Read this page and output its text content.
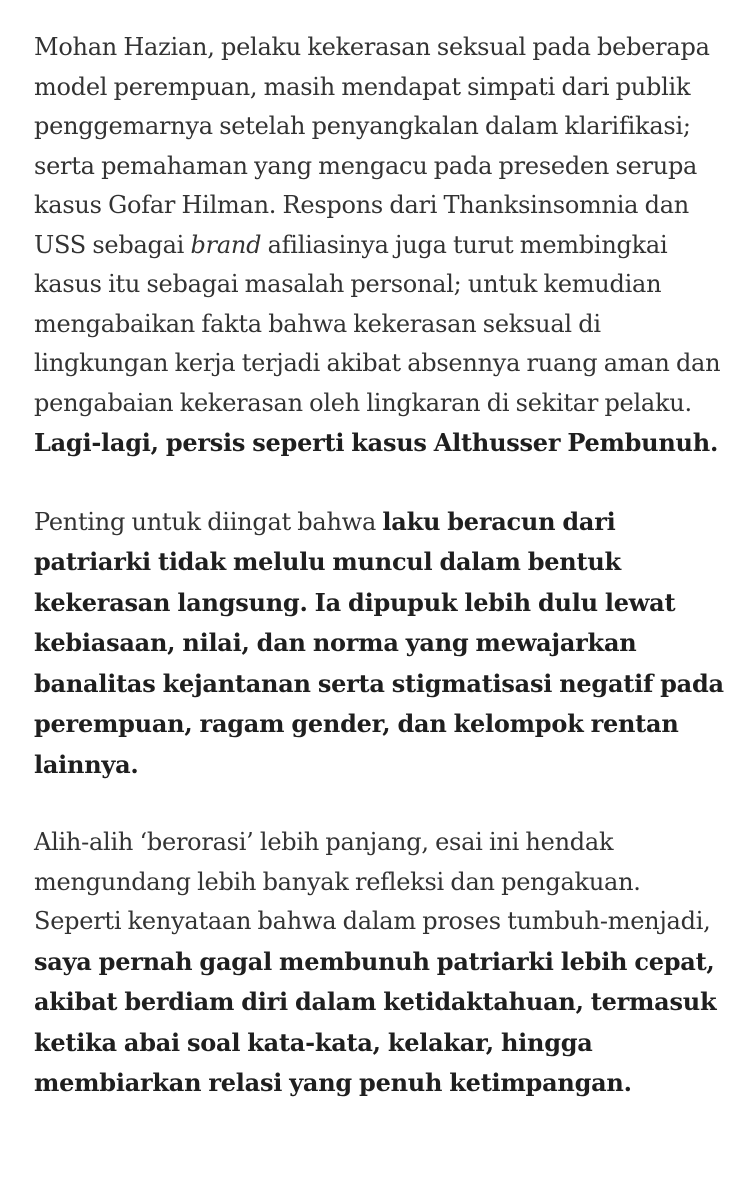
Mohan Hazian, pelaku kekerasan seksual pada beberapa model perempuan, masih mendapat simpati dari publik penggemarnya setelah penyangkalan dalam klarifikasi; serta pemahaman yang mengacu pada preseden serupa kasus Gofar Hilman. Respons dari Thanksinsomnia dan USS sebagai brand afiliasinya juga turut membingkai kasus itu sebagai masalah personal; untuk kemudian mengabaikan fakta bahwa kekerasan seksual di lingkungan kerja terjadi akibat absennya ruang aman dan pengabaian kekerasan oleh lingkaran di sekitar pelaku. Lagi-lagi, persis seperti kasus Althusser Pembunuh.

Penting untuk diingat bahwa laku beracun dari patriarki tidak melulu muncul dalam bentuk kekerasan langsung. Ia dipupuk lebih dulu lewat kebiasaan, nilai, dan norma yang mewajarkan banalitas kejantanan serta stigmatisasi negatif pada perempuan, ragam gender, dan kelompok rentan lainnya.

Alih-alih ‘berorasi’ lebih panjang, esai ini hendak mengundang lebih banyak refleksi dan pengakuan. Seperti kenyataan bahwa dalam proses tumbuh-menjadi, saya pernah gagal membunuh patriarki lebih cepat, akibat berdiam diri dalam ketidaktahuan, termasuk ketika abai soal kata-kata, kelakar, hingga membiarkan relasi yang penuh ketimpangan.
